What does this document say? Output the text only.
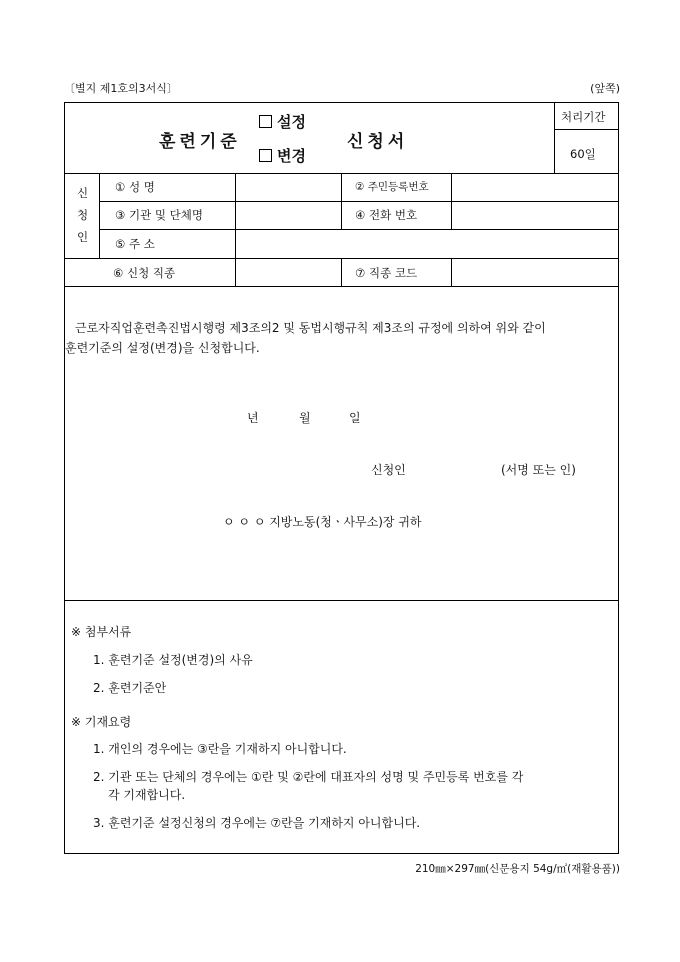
〔별지 제1호의3서식〕	(앞쪽)
훈련기준
설정
변경
신청서
처리기간
60일
신
청
인
① 성 명	② 주민등록번호
③ 기관 및 단체명	④ 전화 번호
⑤ 주 소
⑥ 신청 직종	⑦ 직종 코드
근로자직업훈련촉진법시행령 제3조의2 및 동법시행규칙 제3조의 규정에 의하여 위와 같이
훈련기준의 설정(변경)을 신청합니다.
년	월	일
신청인	(서명 또는 인)
ㅇ ㅇ ㅇ 지방노동(청ㆍ사무소)장 귀하
※ 첨부서류
1. 훈련기준 설정(변경)의 사유
2. 훈련기준안
※ 기재요령
1. 개인의 경우에는 ③란을 기재하지 아니합니다.
2. 기관 또는 단체의 경우에는 ①란 및 ②란에 대표자의 성명 및 주민등록 번호를 각
각 기재합니다.
3. 훈련기준 설정신청의 경우에는 ⑦란을 기재하지 아니합니다.
210㎜×297㎜(신문용지 54g/㎡(재활용품))
